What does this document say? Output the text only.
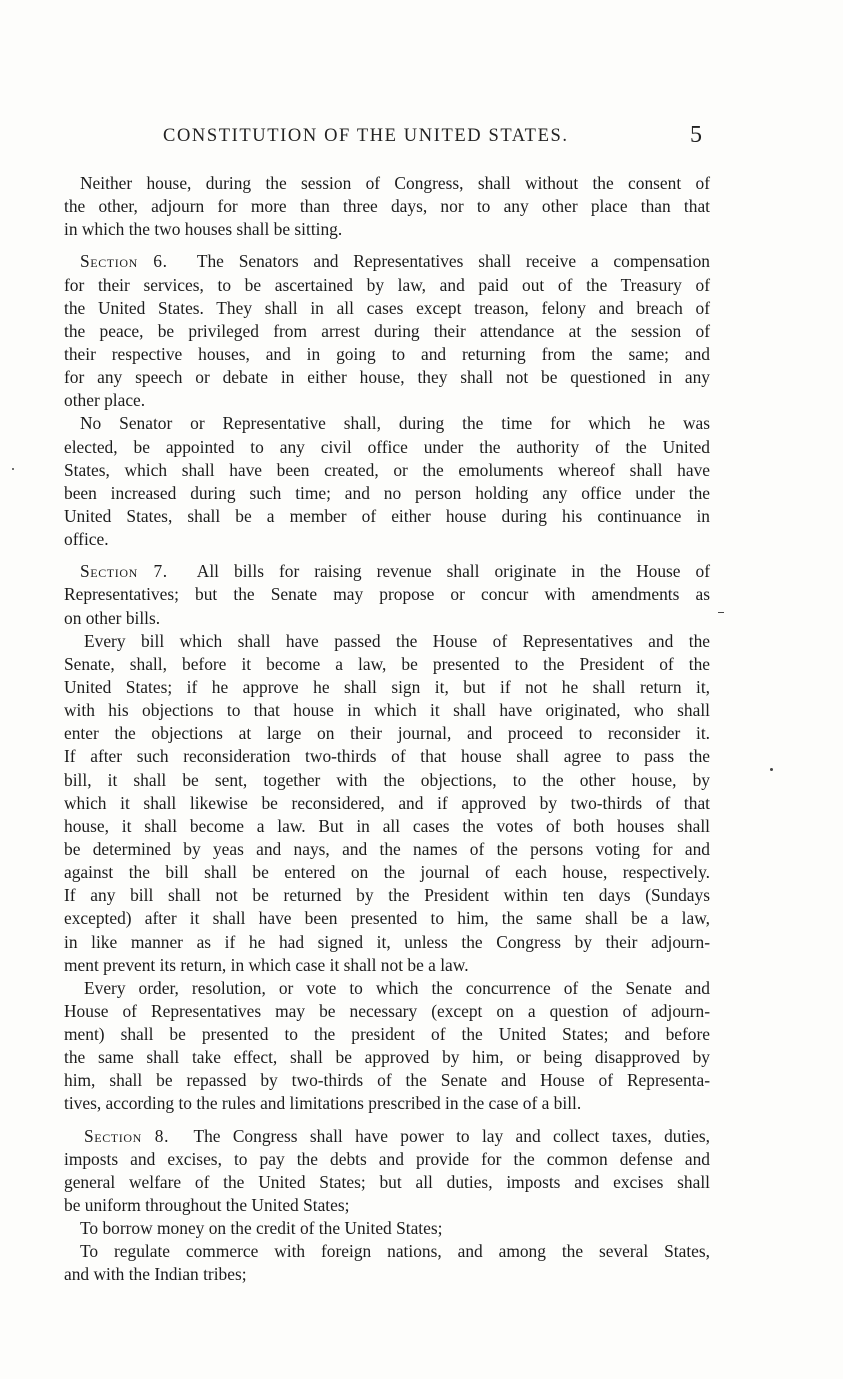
CONSTITUTION OF THE UNITED STATES.	5
Neither house, during the session of Congress, shall without the consent of
the other, adjourn for more than three days, nor to any other place than that
in which the two houses shall be sitting.
Section 6. The Senators and Representatives shall receive a compensation
for their services, to be ascertained by law, and paid out of the Treasury of
the United States. They shall in all cases except treason, felony and breach of
the peace, be privileged from arrest during their attendance at the session of
their respective houses, and in going to and returning from the same; and
for any speech or debate in either house, they shall not be questioned in any
other place.
No Senator or Representative shall, during the time for which he was
elected, be appointed to any civil office under the authority of the United
States, which shall have been created, or the emoluments whereof shall have
been increased during such time; and no person holding any office under the
United States, shall be a member of either house during his continuance in
office.
Section 7. All bills for raising revenue shall originate in the House of
Representatives; but the Senate may propose or concur with amendments as
on other bills.
Every bill which shall have passed the House of Representatives and the
Senate, shall, before it become a law, be presented to the President of the
United States; if he approve he shall sign it, but if not he shall return it,
with his objections to that house in which it shall have originated, who shall
enter the objections at large on their journal, and proceed to reconsider it.
If after such reconsideration two-thirds of that house shall agree to pass the
bill, it shall be sent, together with the objections, to the other house, by
which it shall likewise be reconsidered, and if approved by two-thirds of that
house, it shall become a law. But in all cases the votes of both houses shall
be determined by yeas and nays, and the names of the persons voting for and
against the bill shall be entered on the journal of each house, respectively.
If any bill shall not be returned by the President within ten days (Sundays
excepted) after it shall have been presented to him, the same shall be a law,
in like manner as if he had signed it, unless the Congress by their adjourn-
ment prevent its return, in which case it shall not be a law.
Every order, resolution, or vote to which the concurrence of the Senate and
House of Representatives may be necessary (except on a question of adjourn-
ment) shall be presented to the president of the United States; and before
the same shall take effect, shall be approved by him, or being disapproved by
him, shall be repassed by two-thirds of the Senate and House of Representa-
tives, according to the rules and limitations prescribed in the case of a bill.
Section 8. The Congress shall have power to lay and collect taxes, duties,
imposts and excises, to pay the debts and provide for the common defense and
general welfare of the United States; but all duties, imposts and excises shall
be uniform throughout the United States;
To borrow money on the credit of the United States;
To regulate commerce with foreign nations, and among the several States,
and with the Indian tribes;
